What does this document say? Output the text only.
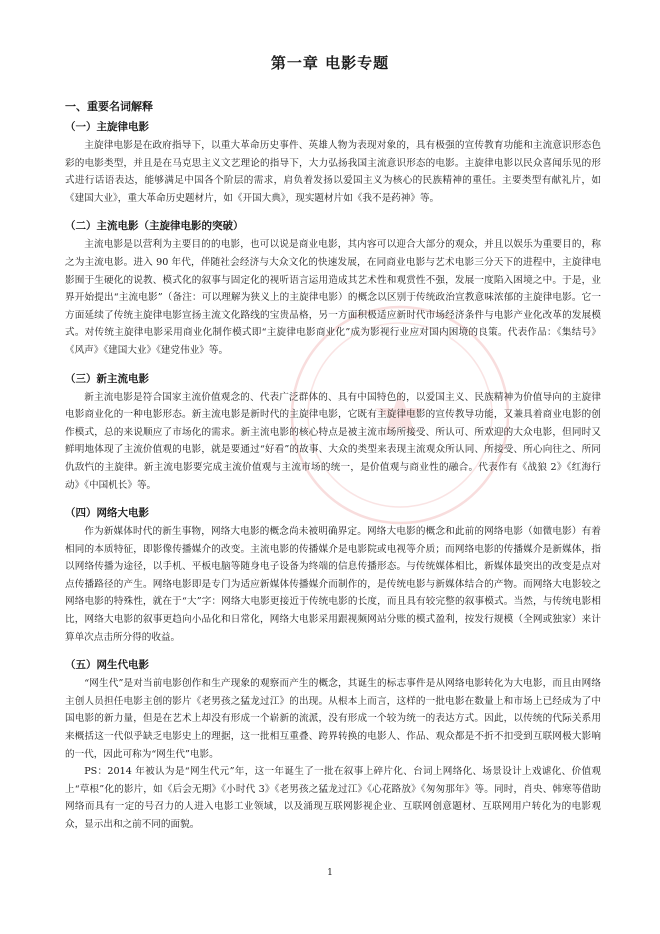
第一章 电影专题
一、重要名词解释
（一）主旋律电影

主旋律电影是在政府指导下，以重大革命历史事件、英雄人物为表现对象的，具有极强的宣传教育功能和主流意识形态色彩的电影类型，并且是在马克思主义文艺理论的指导下，大力弘扬我国主流意识形态的电影。主旋律电影以民众喜闻乐见的形式进行话语表达，能够满足中国各个阶层的需求，肩负着发扬以爱国主义为核心的民族精神的重任。主要类型有献礼片，如《建国大业》，重大革命历史题材片，如《开国大典》，现实题材片如《我不是药神》等。

（二）主流电影（主旋律电影的突破）

主流电影是以营利为主要目的的电影，也可以说是商业电影，其内容可以迎合大部分的观众，并且以娱乐为重要目的，称之为主流电影。进入 90 年代，伴随社会经济与大众文化的快速发展，在同商业电影与艺术电影三分天下的进程中，主旋律电影囿于生硬化的说教、模式化的叙事与固定化的视听语言运用造成其艺术性和观赏性不强，发展一度陷入困境之中。于是，业界开始提出“主流电影”（备注：可以理解为狭义上的主旋律电影）的概念以区别于传统政治宣教意味浓郁的主旋律电影。它一方面延续了传统主旋律电影宣扬主流文化路线的宝贵品格，另一方面积极适应新时代市场经济条件与电影产业化改革的发展模式。对传统主旋律电影采用商业化制作模式即“主旋律电影商业化”成为影视行业应对国内困境的良策。代表作品：《集结号》《风声》《建国大业》《建党伟业》等。

（三）新主流电影

新主流电影是符合国家主流价值观念的、代表广泛群体的、具有中国特色的，以爱国主义、民族精神为价值导向的主旋律电影商业化的一种电影形态。新主流电影是新时代的主旋律电影，它既有主旋律电影的宣传教导功能，又兼具着商业电影的创作模式，总的来说顺应了市场化的需求。新主流电影的核心特点是被主流市场所接受、所认可、所欢迎的大众电影，但同时又鲜明地体现了主流价值观的电影，就是要通过“好看”的故事、大众的类型来表现主流观众所认同、所接受、所心向往之、所同仇敌忾的主旋律。新主流电影要完成主流价值观与主流市场的统一，是价值观与商业性的融合。代表作有《战狼 2》《红海行动》《中国机长》等。

（四）网络大电影

作为新媒体时代的新生事物，网络大电影的概念尚未被明确界定。网络大电影的概念和此前的网络电影（如微电影）有着相同的本质特征，即影像传播媒介的改变。主流电影的传播媒介是电影院或电视等介质；而网络电影的传播媒介是新媒体，指以网络传播为途径，以手机、平板电脑等随身电子设备为终端的信息传播形态。与传统媒体相比，新媒体最突出的改变是点对点传播路径的产生。网络电影即是专门为适应新媒体传播媒介而制作的，是传统电影与新媒体结合的产物。而网络大电影较之网络电影的特殊性，就在于“大”字：网络大电影更接近于传统电影的长度，而且具有较完整的叙事模式。当然，与传统电影相比，网络大电影的叙事更趋向小品化和日常化，网络大电影采用跟视频网站分账的模式盈利，按发行规模（全网或独家）来计算单次点击所分得的收益。

（五）网生代电影

“网生代”是对当前电影创作和生产现象的观察而产生的概念，其诞生的标志事件是从网络电影转化为大电影，而且由网络主创人员担任电影主创的影片《老男孩之猛龙过江》的出现。从根本上而言，这样的一批电影在数量上和市场上已经成为了中国电影的新力量，但是在艺术上却没有形成一个崭新的流派，没有形成一个较为统一的表达方式。因此，以传统的代际关系用来概括这一代似乎缺乏电影史上的理据，这一批相互重叠、跨界转换的电影人、作品、观众都是不折不扣受到互联网极大影响的一代，因此可称为“网生代”电影。

PS：2014 年被认为是“网生代元”年，这一年诞生了一批在叙事上碎片化、台词上网络化、场景设计上戏谑化、价值观上“草根”化的影片，如《后会无期》《小时代 3》《老男孩之猛龙过江》《心花路放》《匆匆那年》等。同时，肖央、韩寒等借助网络而具有一定的号召力的人进入电影工业领域，以及涌现互联网影视企业、互联网创意题材、互联网用户转化为的电影观众，显示出和之前不同的面貌。

1
